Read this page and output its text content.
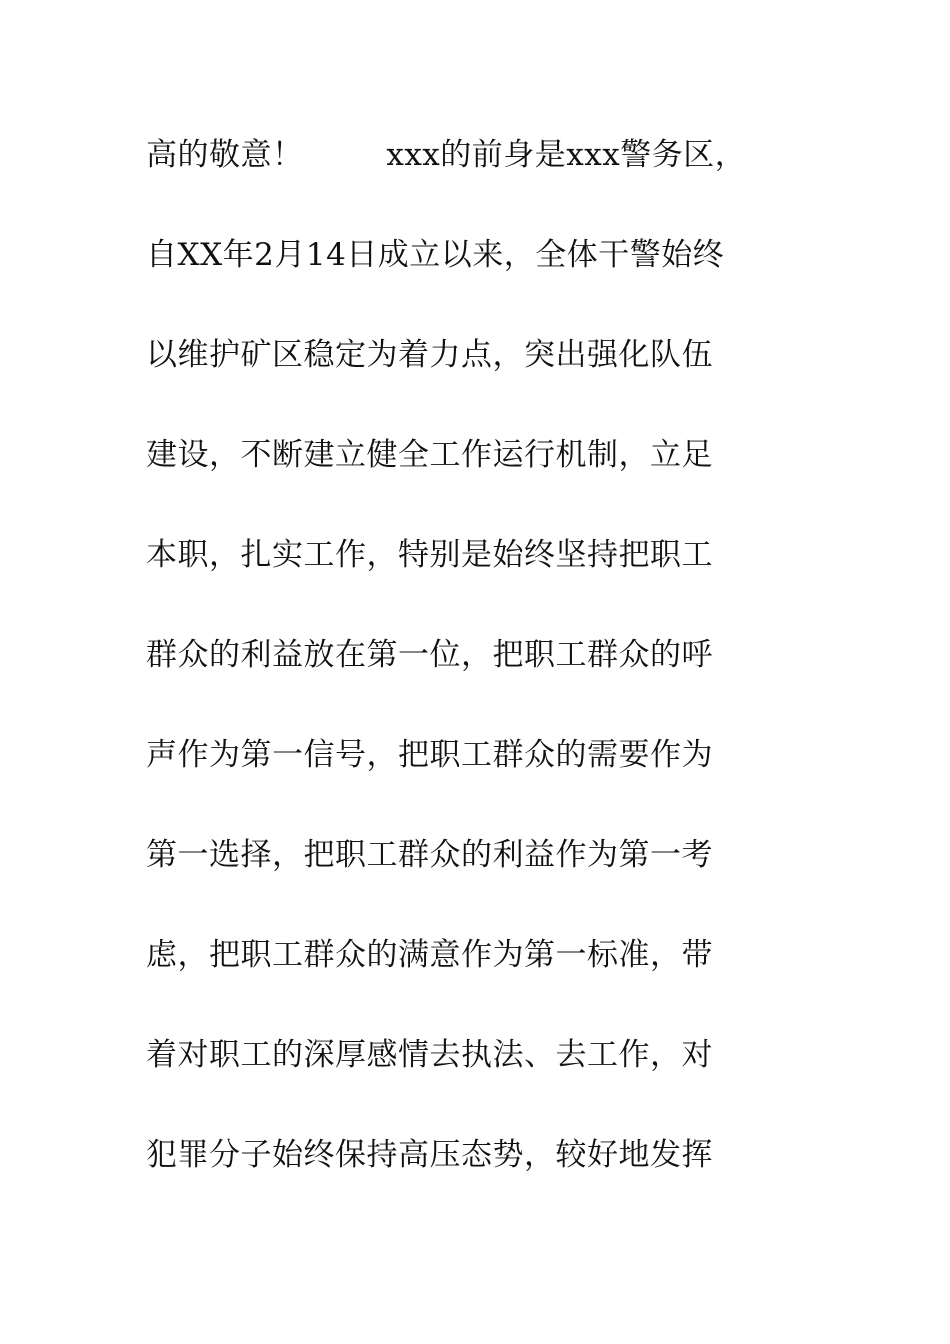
高的敬意！        xxx的前身是xxx警务区，
自XX年2月14日成立以来，全体干警始终
以维护矿区稳定为着力点，突出强化队伍
建设，不断建立健全工作运行机制，立足
本职，扎实工作，特别是始终坚持把职工
群众的利益放在第一位，把职工群众的呼
声作为第一信号，把职工群众的需要作为
第一选择，把职工群众的利益作为第一考
虑，把职工群众的满意作为第一标准，带
着对职工的深厚感情去执法、去工作，对
犯罪分子始终保持高压态势，较好地发挥
